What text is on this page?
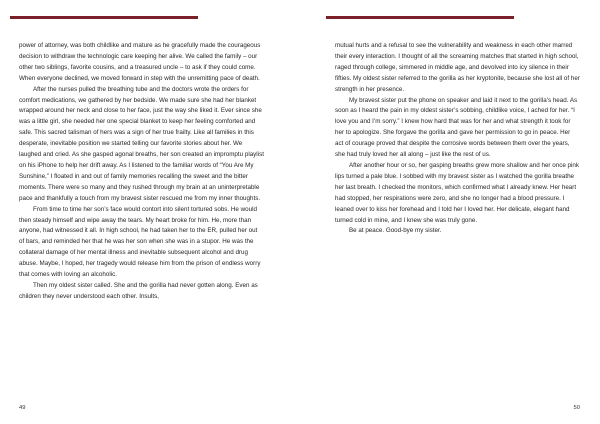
power of attorney, was both childlike and mature as he gracefully made the courageous decision to withdraw the technologic care keeping her alive. We called the family – our other two siblings, favorite cousins, and a treasured uncle – to ask if they could come. When everyone declined, we moved forward in step with the unremitting pace of death.

After the nurses pulled the breathing tube and the doctors wrote the orders for comfort medications, we gathered by her bedside. We made sure she had her blanket wrapped around her neck and close to her face, just the way she liked it. Ever since she was a little girl, she needed her one special blanket to keep her feeling comforted and safe. This sacred talisman of hers was a sign of her true frailty. Like all families in this desperate, inevitable position we started telling our favorite stories about her. We laughed and cried. As she gasped agonal breaths, her son created an impromptu playlist on his iPhone to help her drift away. As I listened to the familiar words of “You Are My Sunshine,” I floated in and out of family memories recalling the sweet and the bitter moments. There were so many and they rushed through my brain at an uninterpretable pace and thankfully a touch from my bravest sister rescued me from my inner thoughts.

From time to time her son’s face would contort into silent tortured sobs. He would then steady himself and wipe away the tears. My heart broke for him. He, more than anyone, had witnessed it all. In high school, he had taken her to the ER, pulled her out of bars, and reminded her that he was her son when she was in a stupor. He was the collateral damage of her mental illness and inevitable subsequent alcohol and drug abuse. Maybe, I hoped, her tragedy would release him from the prison of endless worry that comes with loving an alcoholic.

Then my oldest sister called. She and the gorilla had never gotten along. Even as children they never understood each other. Insults,

49

mutual hurts and a refusal to see the vulnerability and weakness in each other marred their every interaction. I thought of all the screaming matches that started in high school, raged through college, simmered in middle age, and devolved into icy silence in their fifties. My oldest sister referred to the gorilla as her kryptonite, because she lost all of her strength in her presence.

My bravest sister put the phone on speaker and laid it next to the gorilla’s head. As soon as I heard the pain in my oldest sister’s sobbing, childlike voice, I ached for her. “I love you and I’m sorry.” I knew how hard that was for her and what strength it took for her to apologize. She forgave the gorilla and gave her permission to go in peace. Her act of courage proved that despite the corrosive words between them over the years, she had truly loved her all along – just like the rest of us.

After another hour or so, her gasping breaths grew more shallow and her once pink lips turned a pale blue. I sobbed with my bravest sister as I watched the gorilla breathe her last breath. I checked the monitors, which confirmed what I already knew. Her heart had stopped, her respirations were zero, and she no longer had a blood pressure. I leaned over to kiss her forehead and I told her I loved her. Her delicate, elegant hand turned cold in mine, and I knew she was truly gone.

Be at peace. Good-bye my sister.

50
